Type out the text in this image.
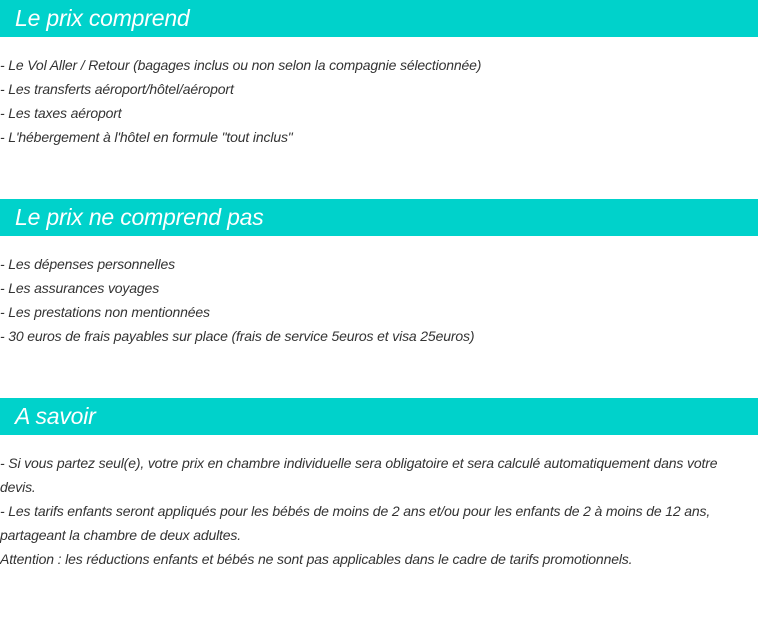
Le prix comprend
- Le Vol Aller / Retour (bagages inclus ou non selon la compagnie sélectionnée)
- Les transferts aéroport/hôtel/aéroport
- Les taxes aéroport
- L'hébergement à l'hôtel en formule "tout inclus"
Le prix ne comprend pas
- Les dépenses personnelles
- Les assurances voyages
- Les prestations non mentionnées
- 30 euros de frais payables sur place (frais de service 5euros et visa 25euros)
A savoir
- Si vous partez seul(e), votre prix en chambre individuelle sera obligatoire et sera calculé automatiquement dans votre devis.
- Les tarifs enfants seront appliqués pour les bébés de moins de 2 ans et/ou pour les enfants de 2 à moins de 12 ans, partageant la chambre de deux adultes.
Attention : les réductions enfants et bébés ne sont pas applicables dans le cadre de tarifs promotionnels.
